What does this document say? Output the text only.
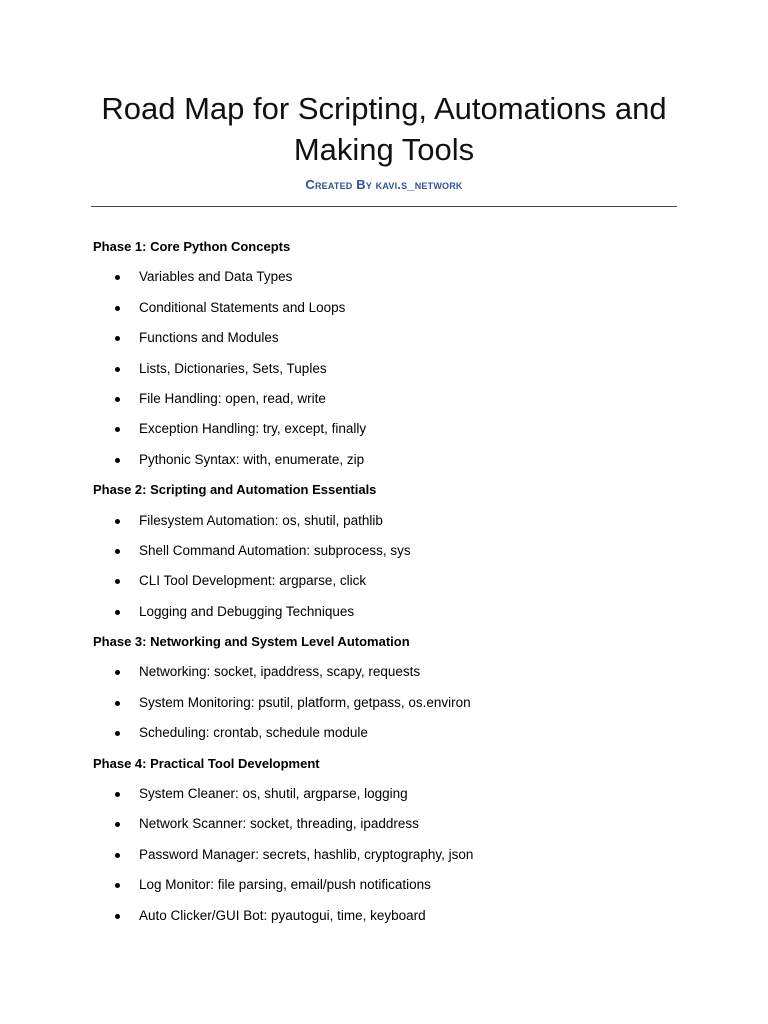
Road Map for Scripting, Automations and Making Tools
Created By kavi.s_network
Phase 1: Core Python Concepts
Variables and Data Types
Conditional Statements and Loops
Functions and Modules
Lists, Dictionaries, Sets, Tuples
File Handling: open, read, write
Exception Handling: try, except, finally
Pythonic Syntax: with, enumerate, zip
Phase 2: Scripting and Automation Essentials
Filesystem Automation: os, shutil, pathlib
Shell Command Automation: subprocess, sys
CLI Tool Development: argparse, click
Logging and Debugging Techniques
Phase 3: Networking and System Level Automation
Networking: socket, ipaddress, scapy, requests
System Monitoring: psutil, platform, getpass, os.environ
Scheduling: crontab, schedule module
Phase 4: Practical Tool Development
System Cleaner: os, shutil, argparse, logging
Network Scanner: socket, threading, ipaddress
Password Manager: secrets, hashlib, cryptography, json
Log Monitor: file parsing, email/push notifications
Auto Clicker/GUI Bot: pyautogui, time, keyboard
